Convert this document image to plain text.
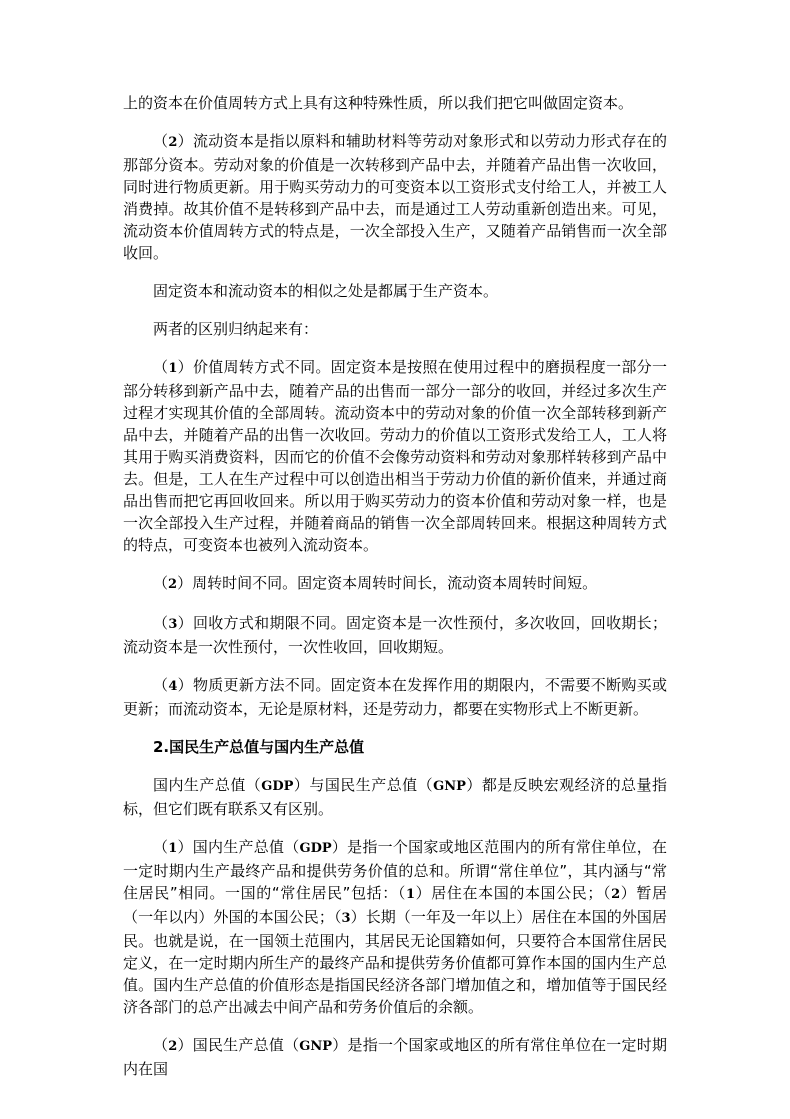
上的资本在价值周转方式上具有这种特殊性质，所以我们把它叫做固定资本。

（2）流动资本是指以原料和辅助材料等劳动对象形式和以劳动力形式存在的那部分资本。劳动对象的价值是一次转移到产品中去，并随着产品出售一次收回，同时进行物质更新。用于购买劳动力的可变资本以工资形式支付给工人，并被工人消费掉。故其价值不是转移到产品中去，而是通过工人劳动重新创造出来。可见，流动资本价值周转方式的特点是，一次全部投入生产，又随着产品销售而一次全部收回。

固定资本和流动资本的相似之处是都属于生产资本。

两者的区别归纳起来有：

（1）价值周转方式不同。固定资本是按照在使用过程中的磨损程度一部分一部分转移到新产品中去，随着产品的出售而一部分一部分的收回，并经过多次生产过程才实现其价值的全部周转。流动资本中的劳动对象的价值一次全部转移到新产品中去，并随着产品的出售一次收回。劳动力的价值以工资形式发给工人，工人将其用于购买消费资料，因而它的价值不会像劳动资料和劳动对象那样转移到产品中去。但是，工人在生产过程中可以创造出相当于劳动力价值的新价值来，并通过商品出售而把它再回收回来。所以用于购买劳动力的资本价值和劳动对象一样，也是一次全部投入生产过程，并随着商品的销售一次全部周转回来。根据这种周转方式的特点，可变资本也被列入流动资本。

（2）周转时间不同。固定资本周转时间长，流动资本周转时间短。

（3）回收方式和期限不同。固定资本是一次性预付，多次收回，回收期长；流动资本是一次性预付，一次性收回，回收期短。

（4）物质更新方法不同。固定资本在发挥作用的期限内，不需要不断购买或更新；而流动资本，无论是原材料，还是劳动力，都要在实物形式上不断更新。

2.国民生产总值与国内生产总值

国内生产总值（GDP）与国民生产总值（GNP）都是反映宏观经济的总量指标，但它们既有联系又有区别。

（1）国内生产总值（GDP）是指一个国家或地区范围内的所有常住单位，在一定时期内生产最终产品和提供劳务价值的总和。所谓“常住单位”，其内涵与“常住居民”相同。一国的“常住居民”包括：（1）居住在本国的本国公民；（2）暂居（一年以内）外国的本国公民；（3）长期（一年及一年以上）居住在本国的外国居民。也就是说，在一国领土范围内，其居民无论国籍如何，只要符合本国常住居民定义，在一定时期内所生产的最终产品和提供劳务价值都可算作本国的国内生产总值。国内生产总值的价值形态是指国民经济各部门增加值之和，增加值等于国民经济各部门的总产出减去中间产品和劳务价值后的余额。

（2）国民生产总值（GNP）是指一个国家或地区的所有常住单位在一定时期内在国
